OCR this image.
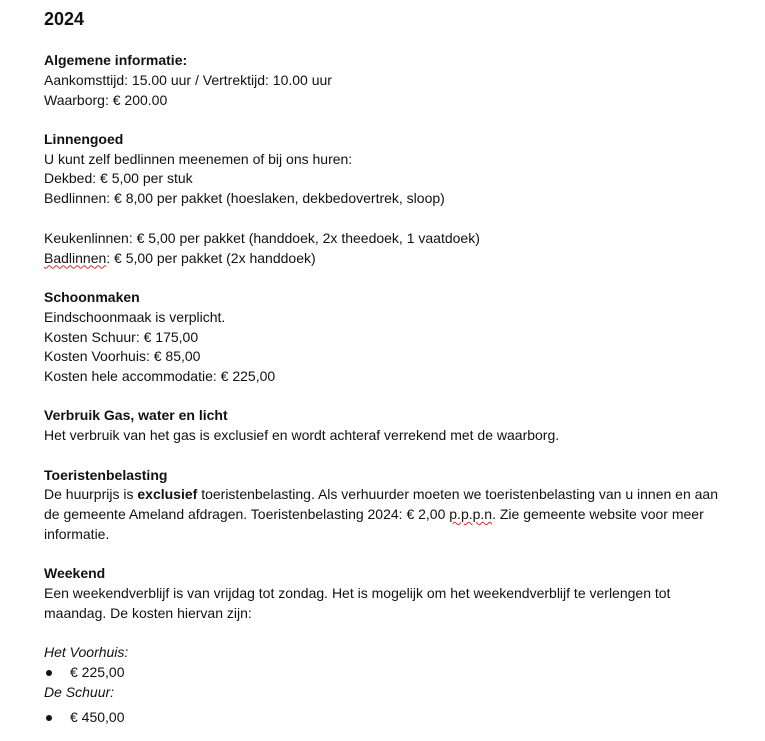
2024
Algemene informatie:
Aankomsttijd: 15.00 uur / Vertrektijd: 10.00 uur
Waarborg: € 200.00
Linnengoed
U kunt zelf bedlinnen meenemen of bij ons huren:
Dekbed: € 5,00 per stuk
Bedlinnen: € 8,00 per pakket (hoeslaken, dekbedovertrek, sloop)
Keukenlinnen: € 5,00 per pakket (handdoek, 2x theedoek, 1 vaatdoek)
Badlinnen: € 5,00 per pakket (2x handdoek)
Schoonmaken
Eindschoonmaak is verplicht.
Kosten Schuur: € 175,00
Kosten Voorhuis: € 85,00
Kosten hele accommodatie: € 225,00
Verbruik Gas, water en licht
Het verbruik van het gas is exclusief en wordt achteraf verrekend met de waarborg.
Toeristenbelasting
De huurprijs is exclusief toeristenbelasting. Als verhuurder moeten we toeristenbelasting van u innen en aan de gemeente Ameland afdragen. Toeristenbelasting 2024: € 2,00 p.p.p.n. Zie gemeente website voor meer informatie.
Weekend
Een weekendverblijf is van vrijdag tot zondag. Het is mogelijk om het weekendverblijf te verlengen tot maandag. De kosten hiervan zijn:
Het Voorhuis:
€ 225,00
De Schuur:
€ 450,00
